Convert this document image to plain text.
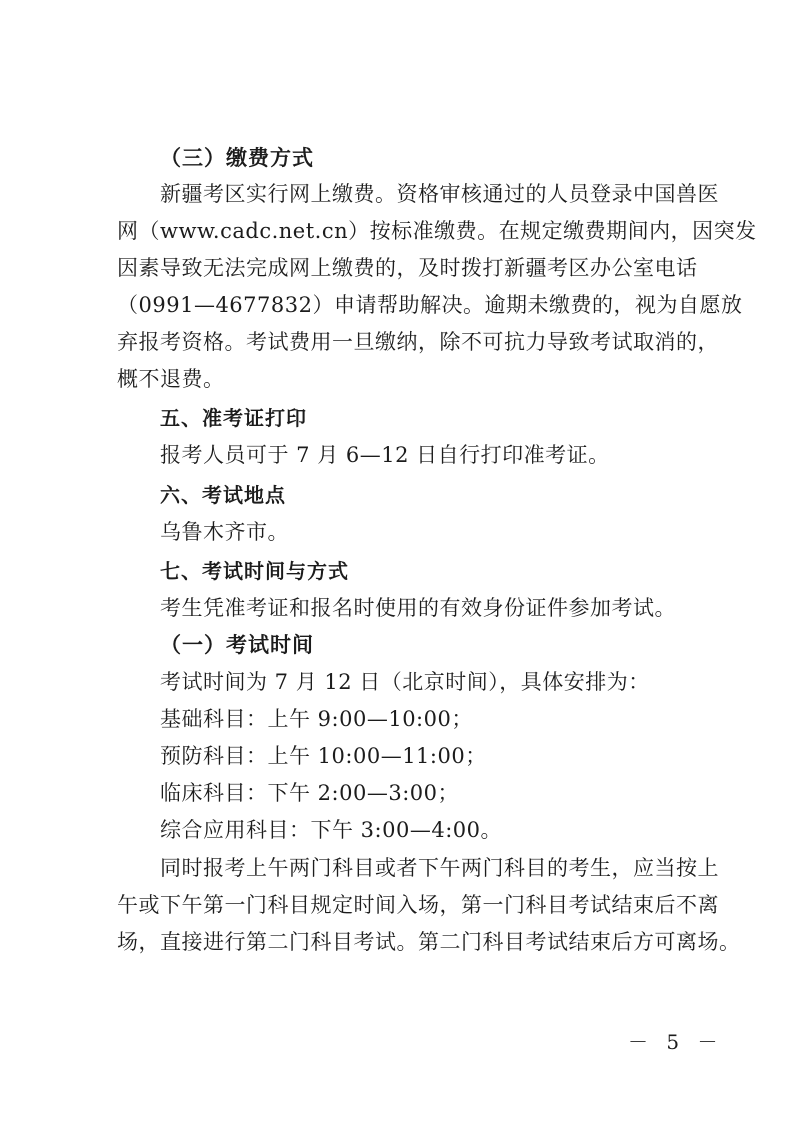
（三）缴费方式
新疆考区实行网上缴费。资格审核通过的人员登录中国兽医
网（www.cadc.net.cn）按标准缴费。在规定缴费期间内，因突发
因素导致无法完成网上缴费的，及时拨打新疆考区办公室电话
（0991—4677832）申请帮助解决。逾期未缴费的，视为自愿放
弃报考资格。考试费用一旦缴纳，除不可抗力导致考试取消的，
概不退费。
五、准考证打印
报考人员可于 7 月 6—12 日自行打印准考证。
六、考试地点
乌鲁木齐市。
七、考试时间与方式
考生凭准考证和报名时使用的有效身份证件参加考试。
（一）考试时间
考试时间为 7 月 12 日（北京时间），具体安排为：
基础科目：上午 9:00—10:00；
预防科目：上午 10:00—11:00；
临床科目：下午 2:00—3:00；
综合应用科目：下午 3:00—4:00。
同时报考上午两门科目或者下午两门科目的考生，应当按上
午或下午第一门科目规定时间入场，第一门科目考试结束后不离
场，直接进行第二门科目考试。第二门科目考试结束后方可离场。
－ 5 －
